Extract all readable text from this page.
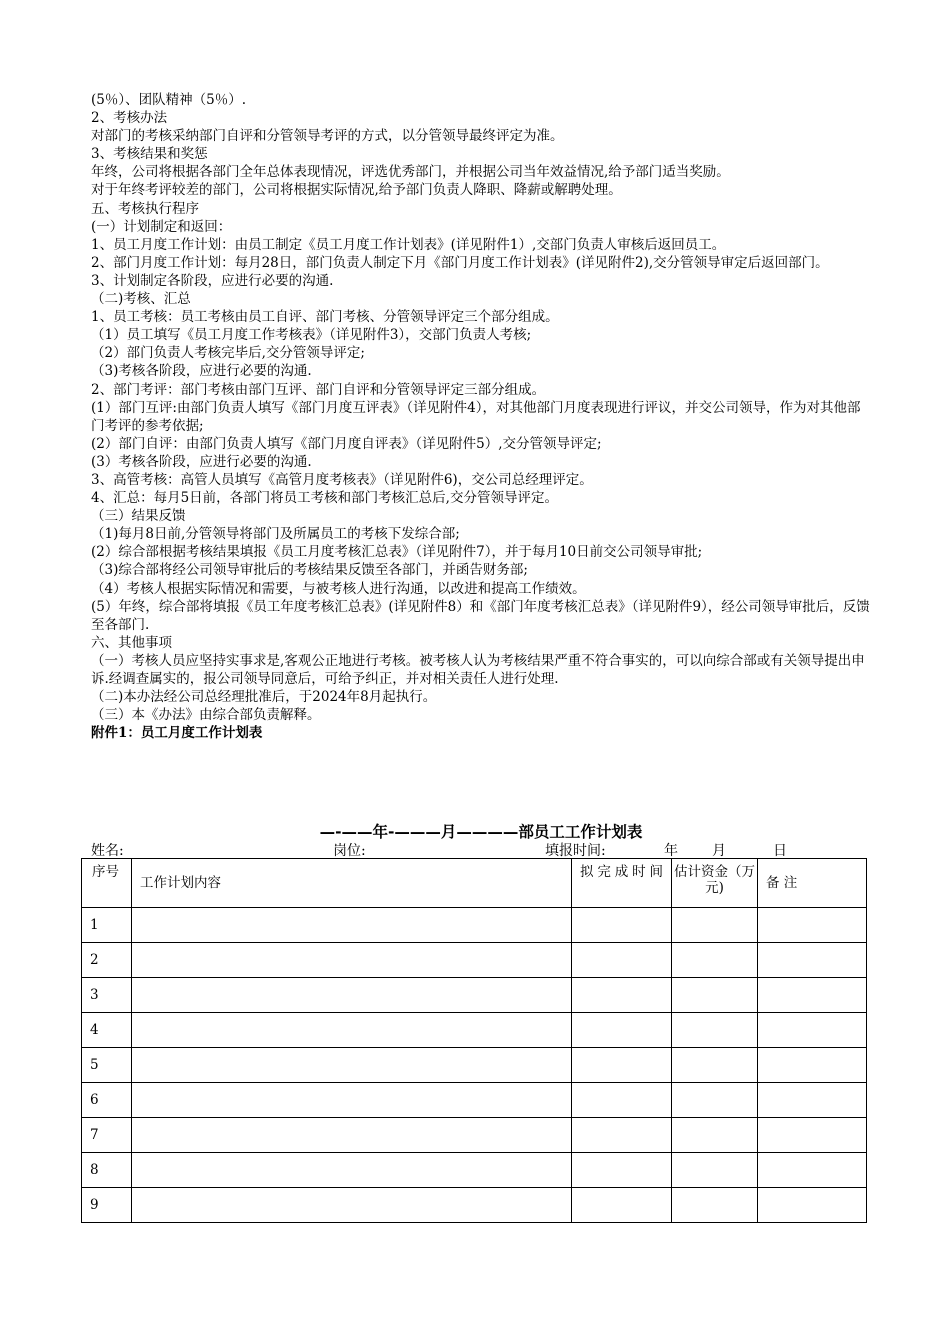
(5％）、团队精神（5％）.
2、考核办法
对部门的考核采纳部门自评和分管领导考评的方式，以分管领导最终评定为准。
3、考核结果和奖惩
年终，公司将根据各部门全年总体表现情况，评选优秀部门，并根据公司当年效益情况,给予部门适当奖励。
对于年终考评较差的部门，公司将根据实际情况,给予部门负责人降职、降薪或解聘处理。
五、考核执行程序
(一）计划制定和返回：
1、员工月度工作计划：由员工制定《员工月度工作计划表》(详见附件1）,交部门负责人审核后返回员工。
2、部门月度工作计划：每月28日，部门负责人制定下月《部门月度工作计划表》(详见附件2),交分管领导审定后返回部门。
3、计划制定各阶段，应进行必要的沟通.
（二)考核、汇总
1、员工考核：员工考核由员工自评、部门考核、分管领导评定三个部分组成。
（1）员工填写《员工月度工作考核表》（详见附件3），交部门负责人考核;
（2）部门负责人考核完毕后,交分管领导评定;
（3)考核各阶段，应进行必要的沟通.
2、部门考评：部门考核由部门互评、部门自评和分管领导评定三部分组成。
(1）部门互评:由部门负责人填写《部门月度互评表》（详见附件4），对其他部门月度表现进行评议，并交公司领导，作为对其他部门考评的参考依据;
(2）部门自评：由部门负责人填写《部门月度自评表》（详见附件5）,交分管领导评定;
(3）考核各阶段，应进行必要的沟通.
3、高管考核：高管人员填写《高管月度考核表》（详见附件6)，交公司总经理评定。
4、汇总：每月5日前，各部门将员工考核和部门考核汇总后,交分管领导评定。
（三）结果反馈
（1)每月8日前,分管领导将部门及所属员工的考核下发综合部;
(2）综合部根据考核结果填报《员工月度考核汇总表》（详见附件7），并于每月10日前交公司领导审批;
（3)综合部将经公司领导审批后的考核结果反馈至各部门，并函告财务部;
（4）考核人根据实际情况和需要，与被考核人进行沟通，以改进和提高工作绩效。
(5）年终，综合部将填报《员工年度考核汇总表》(详见附件8）和《部门年度考核汇总表》（详见附件9），经公司领导审批后，反馈至各部门.
六、其他事项
（一）考核人员应坚持实事求是,客观公正地进行考核。被考核人认为考核结果严重不符合事实的，可以向综合部或有关领导提出申诉.经调查属实的，报公司领导同意后，可给予纠正，并对相关责任人进行处理.
（二)本办法经公司总经理批准后，于2024年8月起执行。
（三）本《办法》由综合部负责解释。
附件1：员工月度工作计划表
—-——年-———月————部员工工作计划表
姓名:	岗位:	填报时间:	年 月	日
序号	工作计划内容	拟完成时间	估计资金（万元)	备 注
1				
2				
3				
4				
5				
6				
7				
8				
9				
